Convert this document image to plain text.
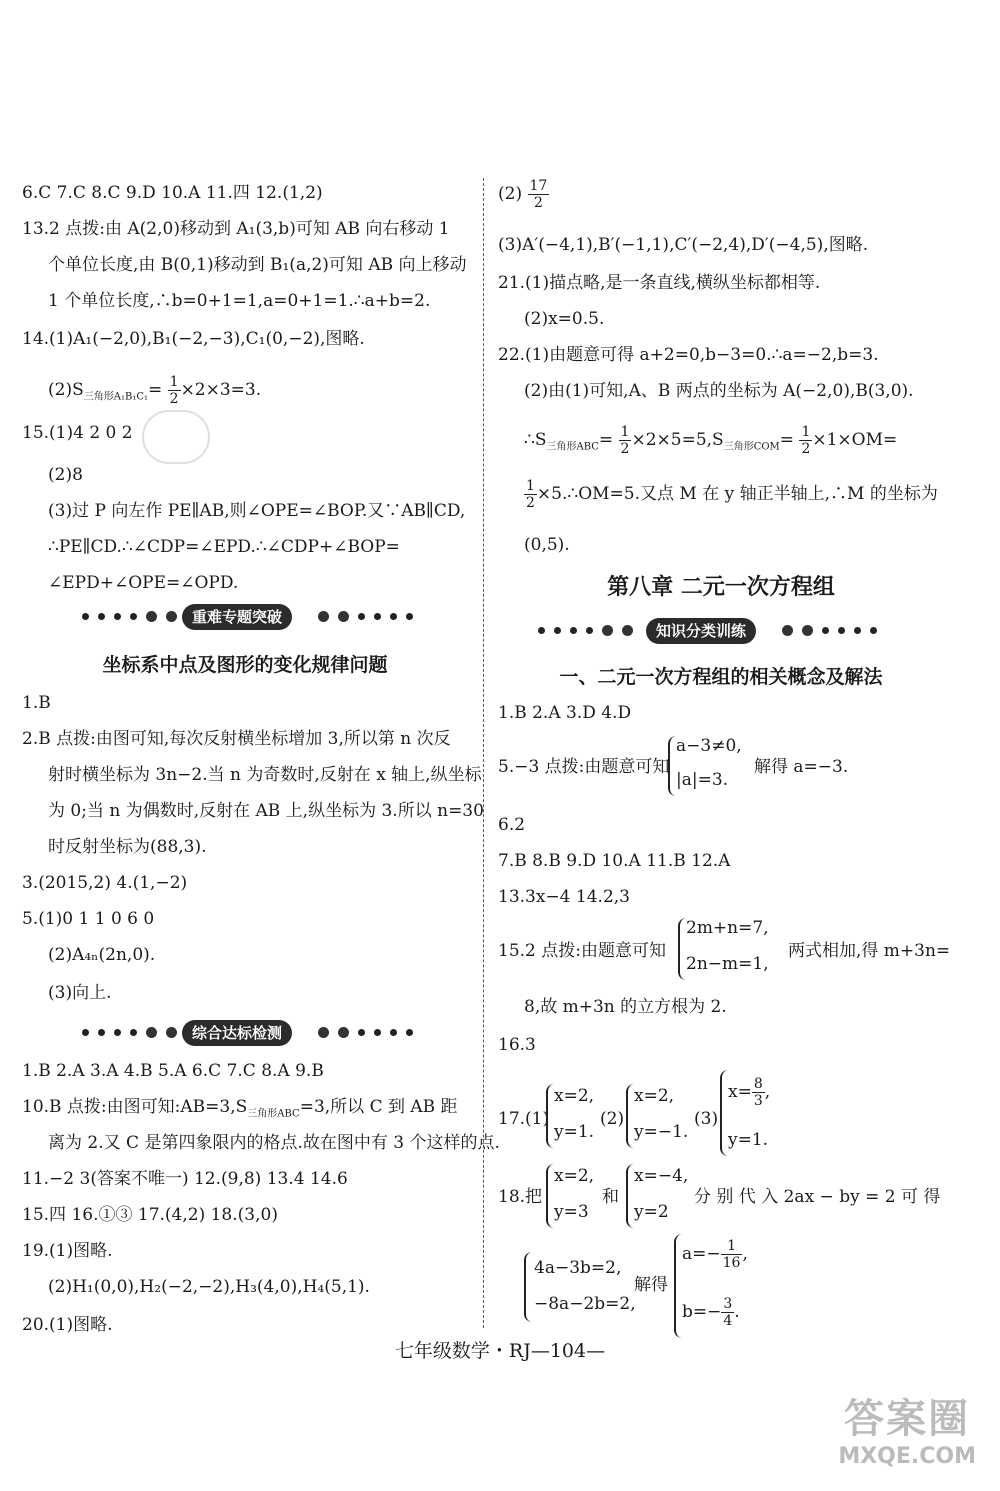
6.C 7.C 8.C 9.D 10.A 11.四 12.(1,2)
13.2 点拨:由 A(2,0)移动到 A₁(3,b)可知 AB 向右移动 1
个单位长度,由 B(0,1)移动到 B₁(a,2)可知 AB 向上移动
1 个单位长度,∴b=0+1=1,a=0+1=1.∴a+b=2.
14.(1)A₁(−2,0),B₁(−2,−3),C₁(0,−2),图略.
$(2)S_{三角形A_1B_1C_1}= \frac{1}{2} \times 2\times 3=3$.
15.(1)4 2 0 2
(2)8
(3)过 P 向左作 PE∥AB,则∠OPE=∠BOP.又∵AB∥CD,
∴PE∥CD.∴∠CDP=∠EPD.∴∠CDP+∠BOP=
∠EPD+∠OPE=∠OPD.
重难专题突破
坐标系中点及图形的变化规律问题
1.B
2.B 点拨:由图可知,每次反射横坐标增加 3,所以第 n 次反
射时横坐标为 3n−2.当 n 为奇数时,反射在 x 轴上,纵坐标
为 0;当 n 为偶数时,反射在 AB 上,纵坐标为 3.所以 n=30
时反射坐标为(88,3).
3.(2015,2) 4.(1,−2)
5.(1)0 1 1 0 6 0
(2)A₄ₙ(2n,0).
(3)向上.
综合达标检测
1.B 2.A 3.A 4.B 5.A 6.C 7.C 8.A 9.B
10.B 点拨:由图可知$:AB=3,S_{三角形ABC}=3$,所以 C 到 AB 距
离为 2.又 C 是第四象限内的格点.故在图中有 3 个这样的点.
11.−2 3(答案不唯一) 12.(9,8) 13.4 14.6
15.四 16.①③ 17.(4,2) 18.(3,0)
19.(1)图略.
(2)H₁(0,0),H₂(−2,−2),H₃(4,0),H₄(5,1).
20.(1)图略.
$(2) \frac{17}{2}$
(3)A′(−4,1),B′(−1,1),C′(−2,4),D′(−4,5),图略.
21.(1)描点略,是一条直线,横纵坐标都相等.
(2)x=0.5.
22.(1)由题意可得 a+2=0,b−3=0.∴a=−2,b=3.
(2)由(1)可知,A、B 两点的坐标为 A(−2,0),B(3,0).
$\therefore S_{三角形ABC}= \frac{1}{2} \times 2\times 5=5,S_{三角形COM}= \frac{1}{2} \times 1\times OM=$
$\frac{1}{2}$ ×5.∴OM=5.又点 M 在 y 轴正半轴上,∴M 的坐标为
(0,5).
第八章 二元一次方程组
知识分类训练
一、二元一次方程组的相关概念及解法
1.B 2.A 3.D 4.D
5.−3 点拨:由题意可知
a−3≠0,
|a|=3.
解得 a=−3.
6.2
7.B 8.B 9.D 10.A 11.B 12.A
13.3x−4 14.2,3
15.2 点拨:由题意可知
2m+n=7,
2n−m=1,
两式相加,得 m+3n=
8,故 m+3n 的立方根为 2.
16.3
17.(1)
x=2,
y=1.
(2)
x=2,
y=−1.
(3)
$x= \frac{8}{3}$ ,
y=1.
18.把
x=2,
y=3
和
x=−4,
y=2
分 别 代 入 2ax − by = 2 可 得
4a−3b=2,
−8a−2b=2,
解得
$a=- \frac{1}{16}$ ,
$b=- \frac{3}{4}$ .
七年级数学・RJ—104—
答案圈
MXQE.COM
